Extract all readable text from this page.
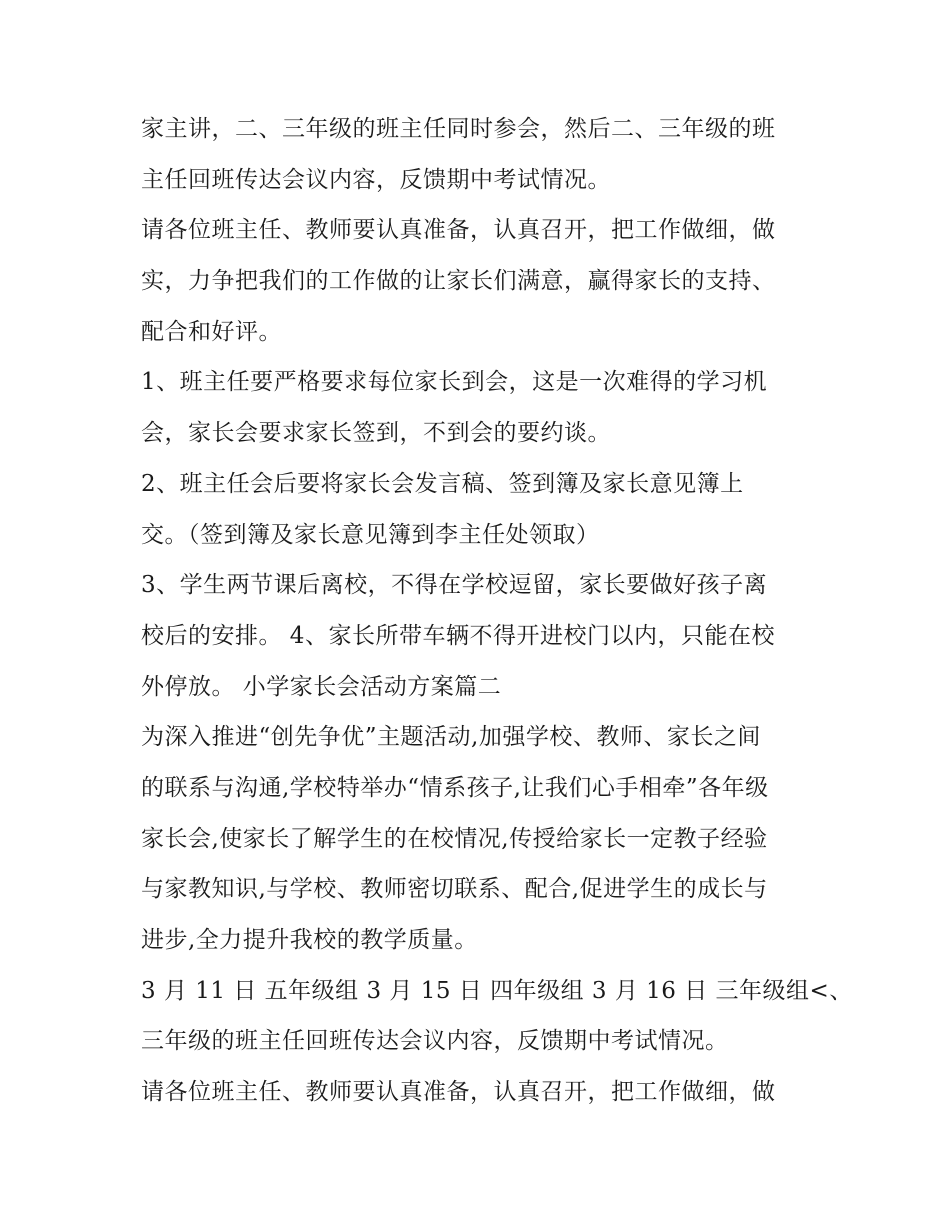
家主讲，二、三年级的班主任同时参会，然后二、三年级的班
主任回班传达会议内容，反馈期中考试情况。
请各位班主任、教师要认真准备，认真召开，把工作做细，做
实，力争把我们的工作做的让家长们满意，赢得家长的支持、
配合和好评。
1、班主任要严格要求每位家长到会，这是一次难得的学习机
会，家长会要求家长签到，不到会的要约谈。
2、班主任会后要将家长会发言稿、签到簿及家长意见簿上
交。（签到簿及家长意见簿到李主任处领取）
3、学生两节课后离校，不得在学校逗留，家长要做好孩子离
校后的安排。 4、家长所带车辆不得开进校门以内，只能在校
外停放。 小学家长会活动方案篇二
为深入推进“创先争优”主题活动,加强学校、教师、家长之间
的联系与沟通,学校特举办“情系孩子,让我们心手相牵”各年级
家长会,使家长了解学生的在校情况,传授给家长一定教子经验
与家教知识,与学校、教师密切联系、配合,促进学生的成长与
进步,全力提升我校的教学质量。
3 月 11 日 五年级组 3 月 15 日 四年级组 3 月 16 日 三年级组<、
三年级的班主任回班传达会议内容，反馈期中考试情况。
请各位班主任、教师要认真准备，认真召开，把工作做细，做
